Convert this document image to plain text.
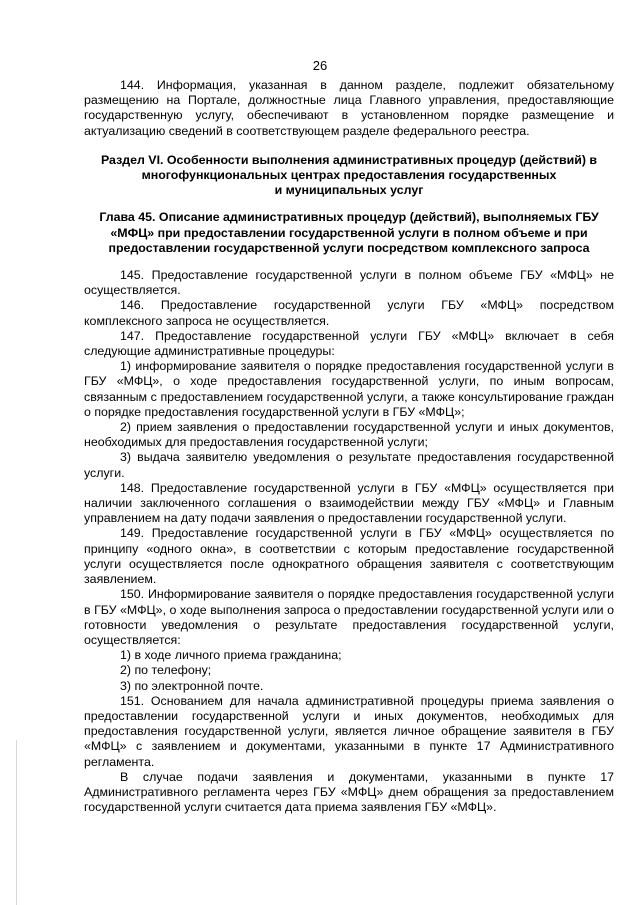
26

144. Информация, указанная в данном разделе, подлежит обязательному размещению на Портале, должностные лица Главного управления, предоставляющие государственную услугу, обеспечивают в установленном порядке размещение и актуализацию сведений в соответствующем разделе федерального реестра.

Раздел VI. Особенности выполнения административных процедур (действий) в
многофункциональных центрах предоставления государственных
и муниципальных услуг
Глава 45. Описание административных процедур (действий), выполняемых ГБУ
«МФЦ» при предоставлении государственной услуги в полном объеме и при
предоставлении государственной услуги посредством комплексного запроса

145. Предоставление государственной услуги в полном объеме ГБУ «МФЦ» не осуществляется.

146. Предоставление государственной услуги ГБУ «МФЦ» посредством комплексного запроса не осуществляется.

147. Предоставление государственной услуги ГБУ «МФЦ» включает в себя следующие административные процедуры:

1) информирование заявителя о порядке предоставления государственной услуги в ГБУ «МФЦ», о ходе предоставления государственной услуги, по иным вопросам, связанным с предоставлением государственной услуги, а также консультирование граждан о порядке предоставления государственной услуги в ГБУ «МФЦ»;

2) прием заявления о предоставлении государственной услуги и иных документов, необходимых для предоставления государственной услуги;

3) выдача заявителю уведомления о результате предоставления государственной услуги.

148. Предоставление государственной услуги в ГБУ «МФЦ» осуществляется при наличии заключенного соглашения о взаимодействии между ГБУ «МФЦ» и Главным управлением на дату подачи заявления о предоставлении государственной услуги.

149. Предоставление государственной услуги в ГБУ «МФЦ» осуществляется по принципу «одного окна», в соответствии с которым предоставление государственной услуги осуществляется после однократного обращения заявителя с соответствующим заявлением.

150. Информирование заявителя о порядке предоставления государственной услуги в ГБУ «МФЦ», о ходе выполнения запроса о предоставлении государственной услуги или о готовности уведомления о результате предоставления государственной услуги, осуществляется:

1) в ходе личного приема гражданина;

2) по телефону;

3) по электронной почте.

151. Основанием для начала административной процедуры приема заявления о предоставлении государственной услуги и иных документов, необходимых для предоставления государственной услуги, является личное обращение заявителя в ГБУ «МФЦ» с заявлением и документами, указанными в пункте 17 Административного регламента.

В случае подачи заявления и документами, указанными в пункте 17 Административного регламента через ГБУ «МФЦ» днем обращения за предоставлением государственной услуги считается дата приема заявления ГБУ «МФЦ».
